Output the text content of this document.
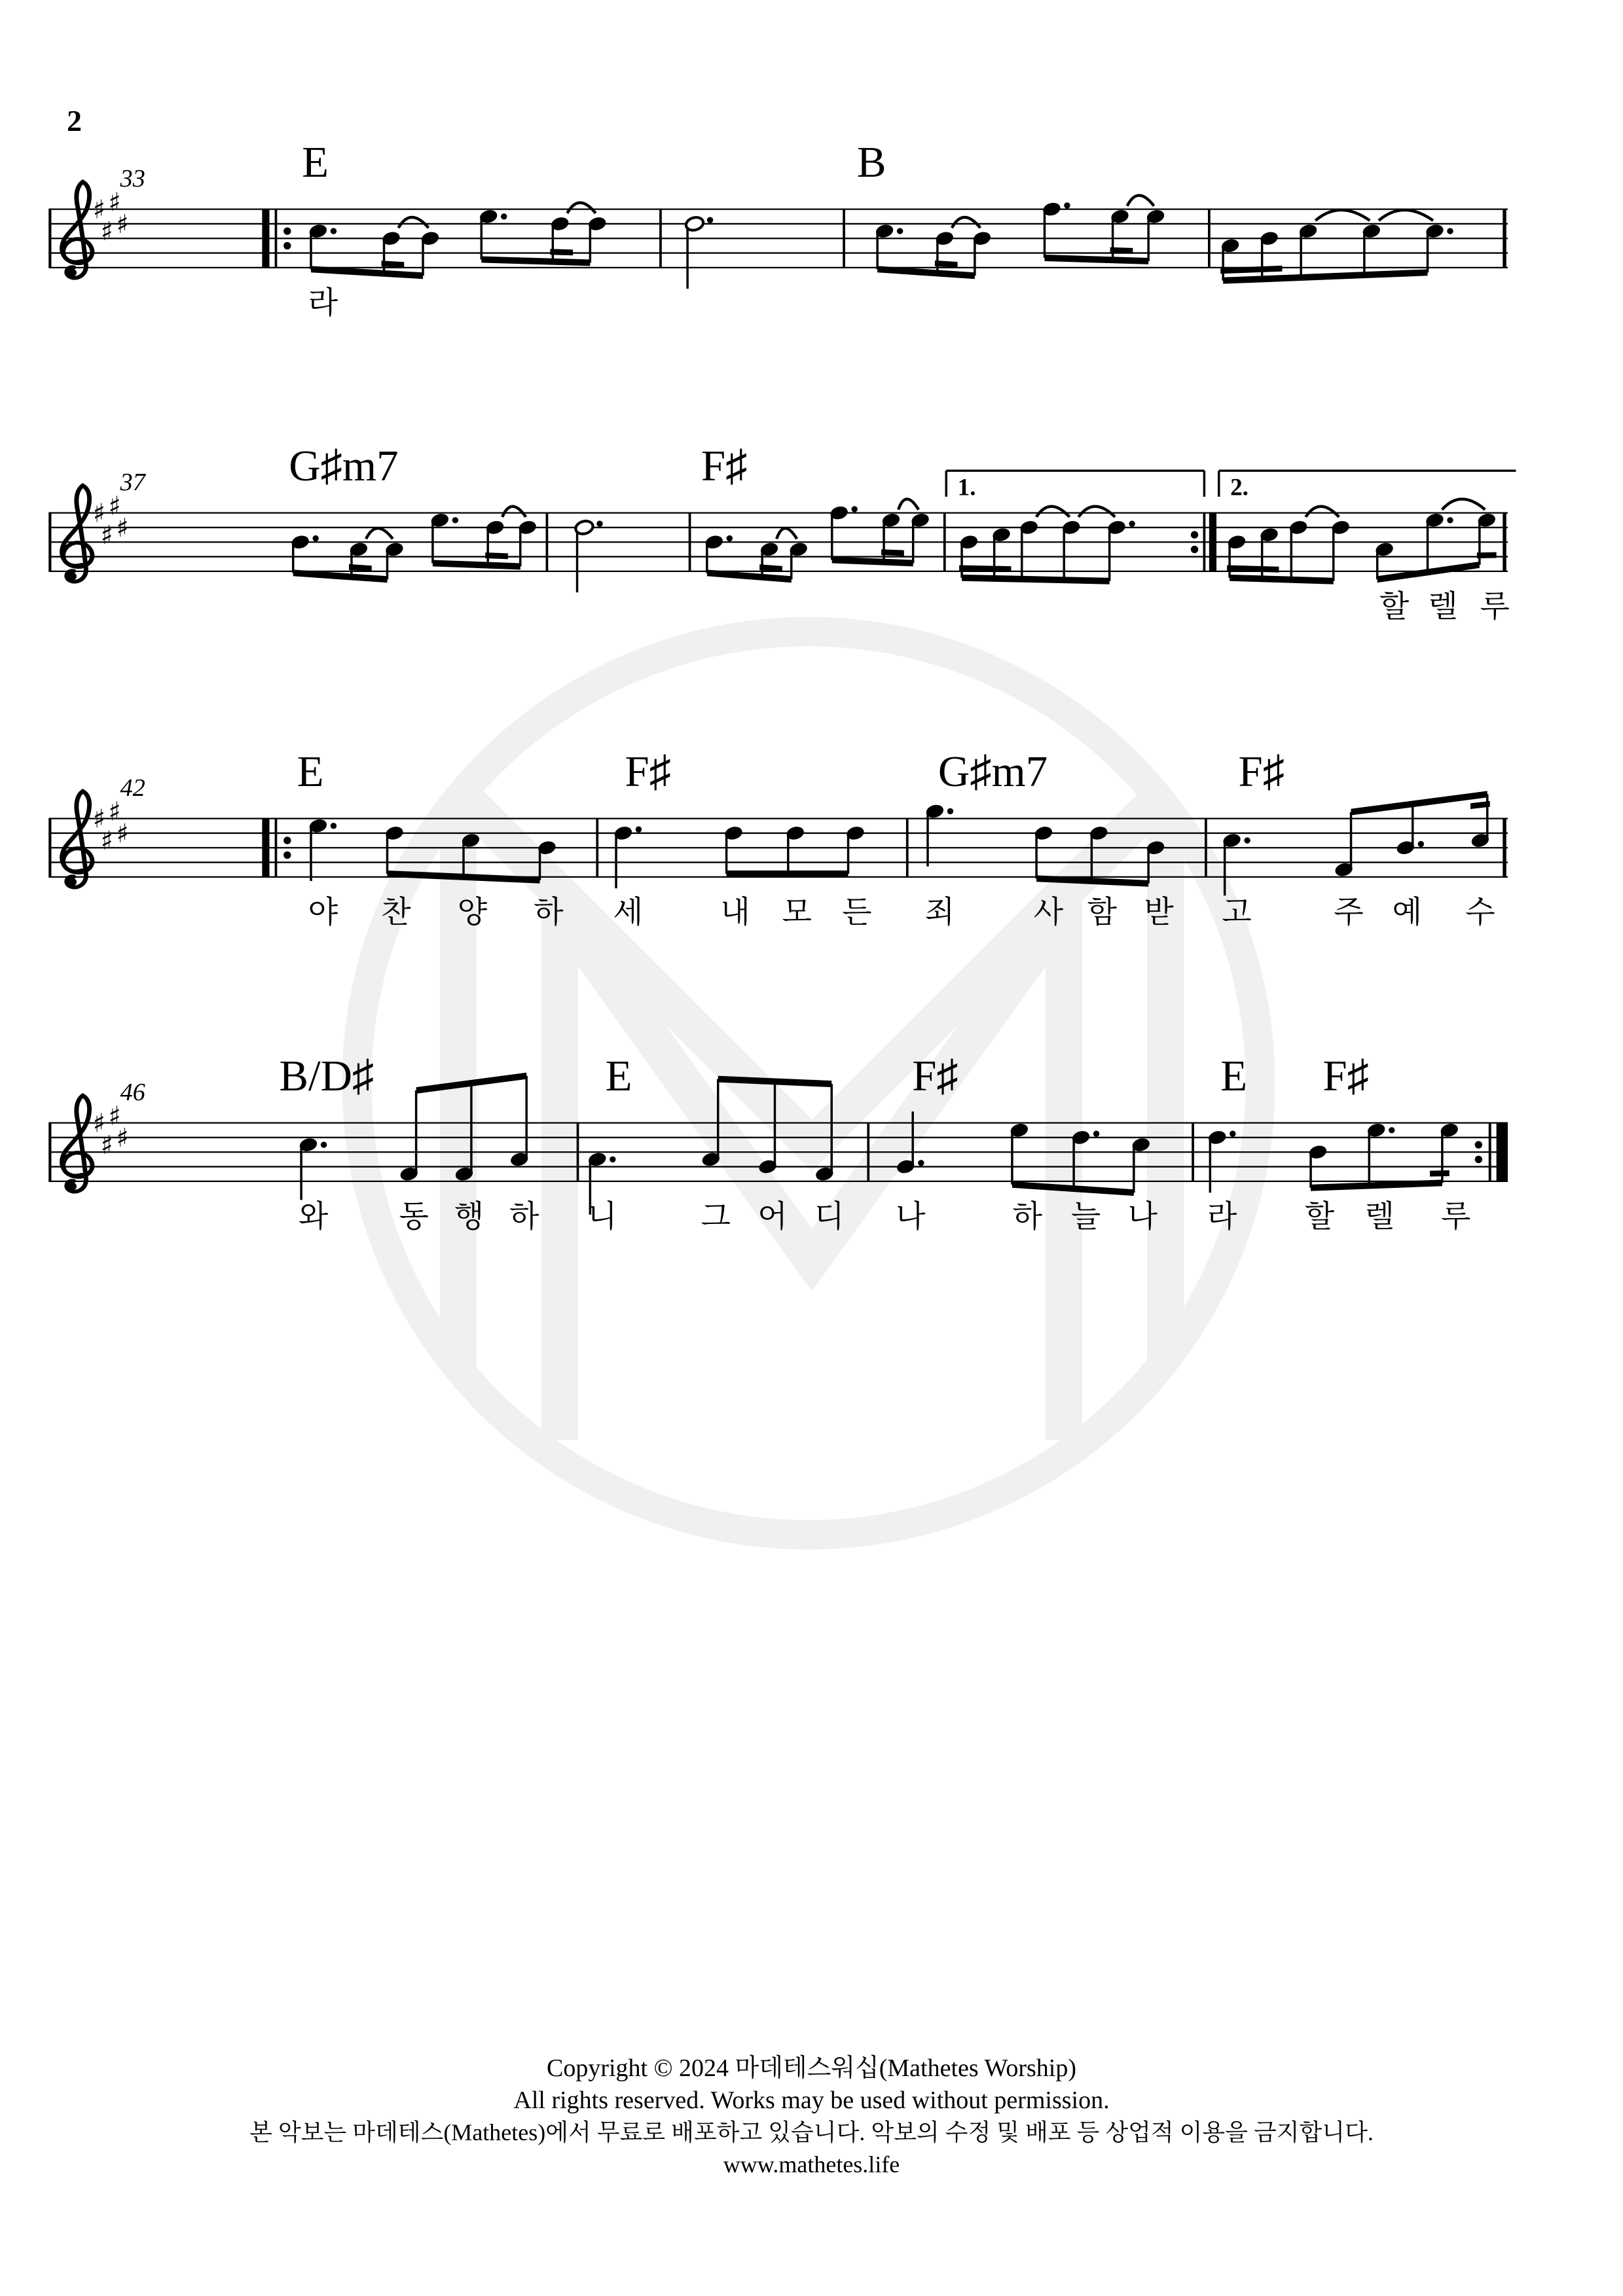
2
♯
♯
♯
♯
E	B
33
라
♯
♯
♯
♯
1.	2.
G♯m7	F♯
37
할 렐 루
♯
♯
♯
♯
E	F♯	G♯m7	F♯
42
야	찬	양	하	세	내	모 든	죄	사 함 받	고	주 예	수
♯
♯
♯
♯
B/D♯	E	F♯	E	F♯
46
와	동 행 하	니	그 어 디	나	하 늘 나	라	할 렐	루
Copyright © 2024 마데테스워십(Mathetes Worship)
All rights reserved. Works may be used without permission.
본 악보는 마데테스(Mathetes)에서 무료로 배포하고 있습니다. 악보의 수정 및 배포 등 상업적 이용을 금지합니다.
www.mathetes.life
